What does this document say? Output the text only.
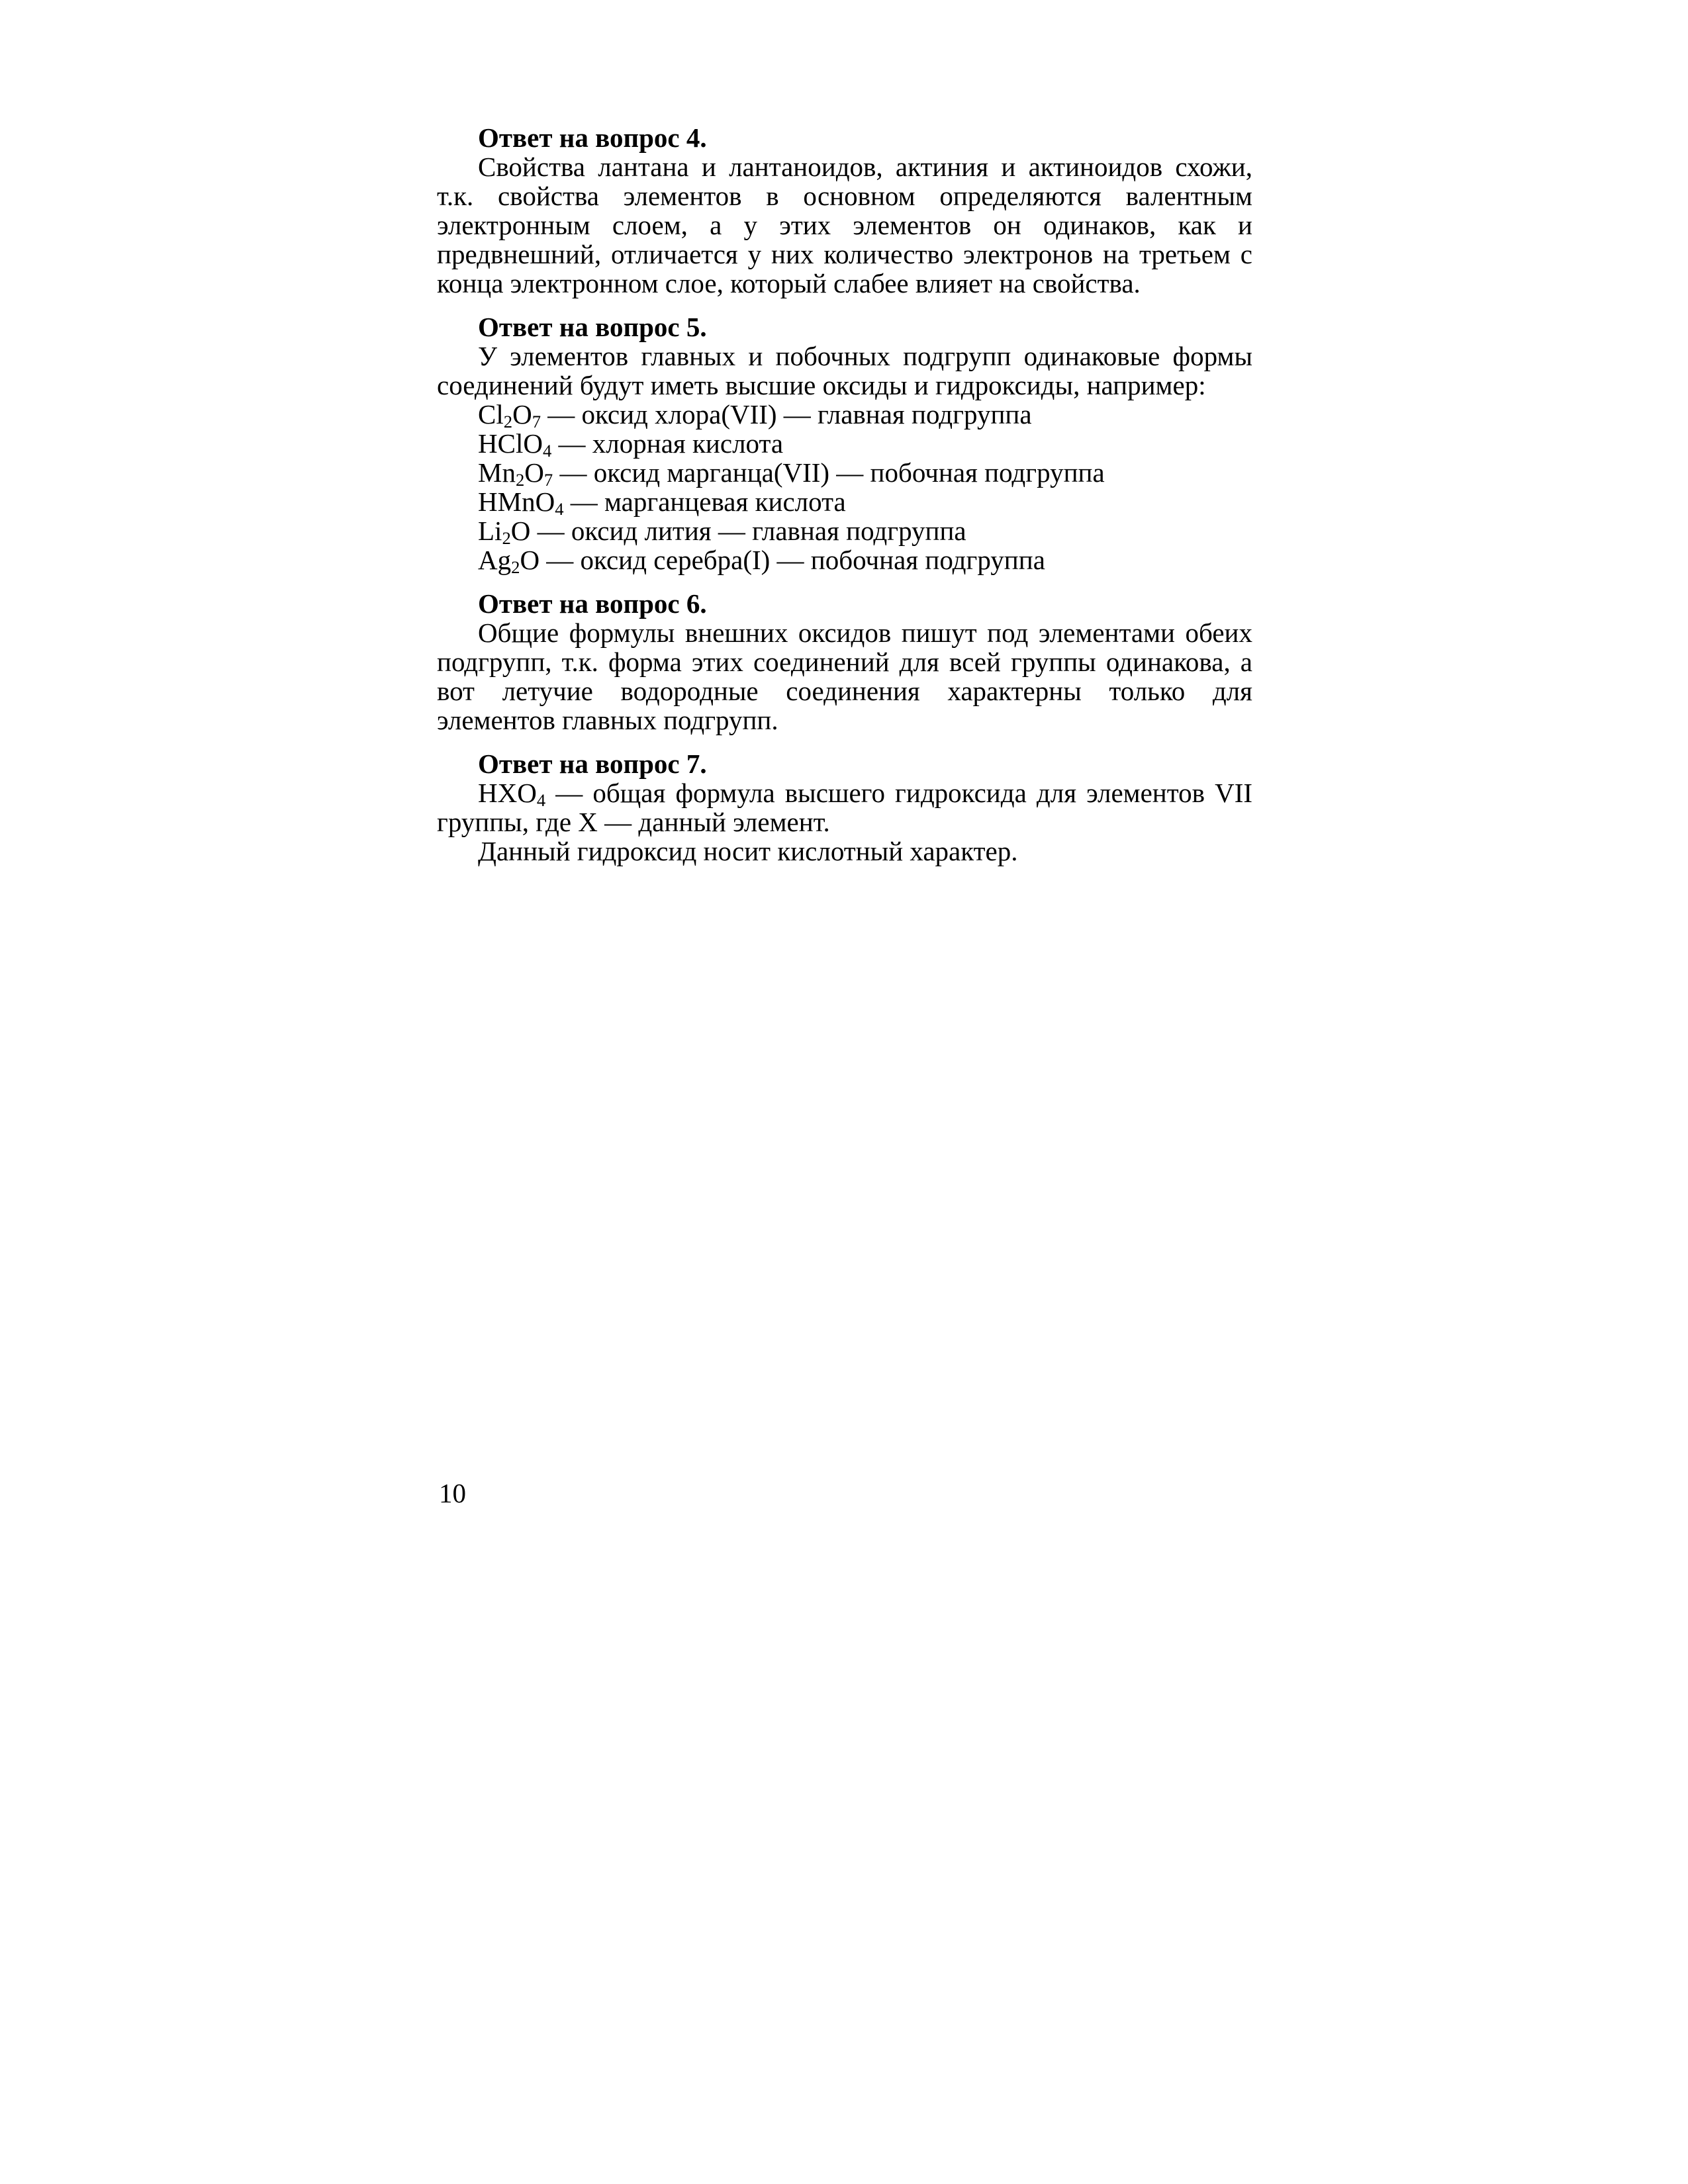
Ответ на вопрос 4.

Свойства лантана и лантаноидов, актиния и актиноидов схожи, т.к. свойства элементов в основном определяются валентным электронным слоем, а у этих элементов он одинаков, как и предвнешний, отличается у них количество электронов на третьем с конца электронном слое, который слабее влияет на свойства.

Ответ на вопрос 5.

У элементов главных и побочных подгрупп одинаковые формы соединений будут иметь высшие оксиды и гидроксиды, например:

$Cl_2O_7$ — оксид хлора(VII) — главная подгруппа

HClO$_4$ — хлорная кислота

$Mn_2O_7$ — оксид марганца(VII) — побочная подгруппа

HMnO$_4$ — марганцевая кислота

$Li_2O$ — оксид лития — главная подгруппа

$Ag_2O$ — оксид серебра(I) — побочная подгруппа

Ответ на вопрос 6.

Общие формулы внешних оксидов пишут под элементами обеих подгрупп, т.к. форма этих соединений для всей группы одинакова, а вот летучие водородные соединения характерны только для элементов главных подгрупп.

Ответ на вопрос 7.

$HXO_4$ — общая формула высшего гидроксида для элементов VII группы, где X — данный элемент.

Данный гидроксид носит кислотный характер.

10
